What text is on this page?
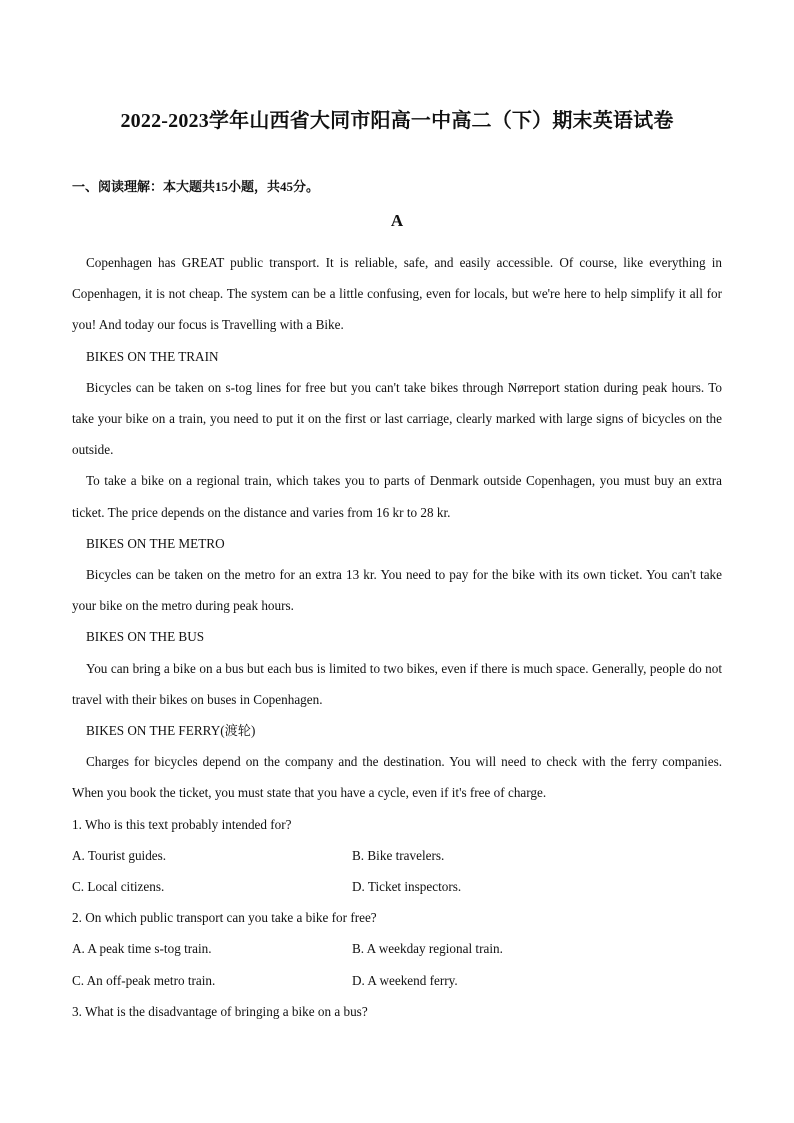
2022-2023学年山西省大同市阳高一中高二（下）期末英语试卷
一、阅读理解：本大题共15小题，共45分。
A

Copenhagen has GREAT public transport. It is reliable, safe, and easily accessible. Of course, like everything in Copenhagen, it is not cheap. The system can be a little confusing, even for locals, but we're here to help simplify it all for you! And today our focus is Travelling with a Bike.

BIKES ON THE TRAIN

Bicycles can be taken on s-tog lines for free but you can't take bikes through Nørreport station during peak hours. To take your bike on a train, you need to put it on the first or last carriage, clearly marked with large signs of bicycles on the outside.

To take a bike on a regional train, which takes you to parts of Denmark outside Copenhagen, you must buy an extra ticket. The price depends on the distance and varies from 16 kr to 28 kr.

BIKES ON THE METRO

Bicycles can be taken on the metro for an extra 13 kr. You need to pay for the bike with its own ticket. You can't take your bike on the metro during peak hours.

BIKES ON THE BUS

You can bring a bike on a bus but each bus is limited to two bikes, even if there is much space. Generally, people do not travel with their bikes on buses in Copenhagen.

BIKES ON THE FERRY(渡轮)

Charges for bicycles depend on the company and the destination. You will need to check with the ferry companies. When you book the ticket, you must state that you have a cycle, even if it's free of charge.

1. Who is this text probably intended for?

A. Tourist guides.	B. Bike travelers.
C. Local citizens.	D. Ticket inspectors.

2. On which public transport can you take a bike for free?

A. A peak time s-tog train.	B. A weekday regional train.
C. An off-peak metro train.	D. A weekend ferry.

3. What is the disadvantage of bringing a bike on a bus?
